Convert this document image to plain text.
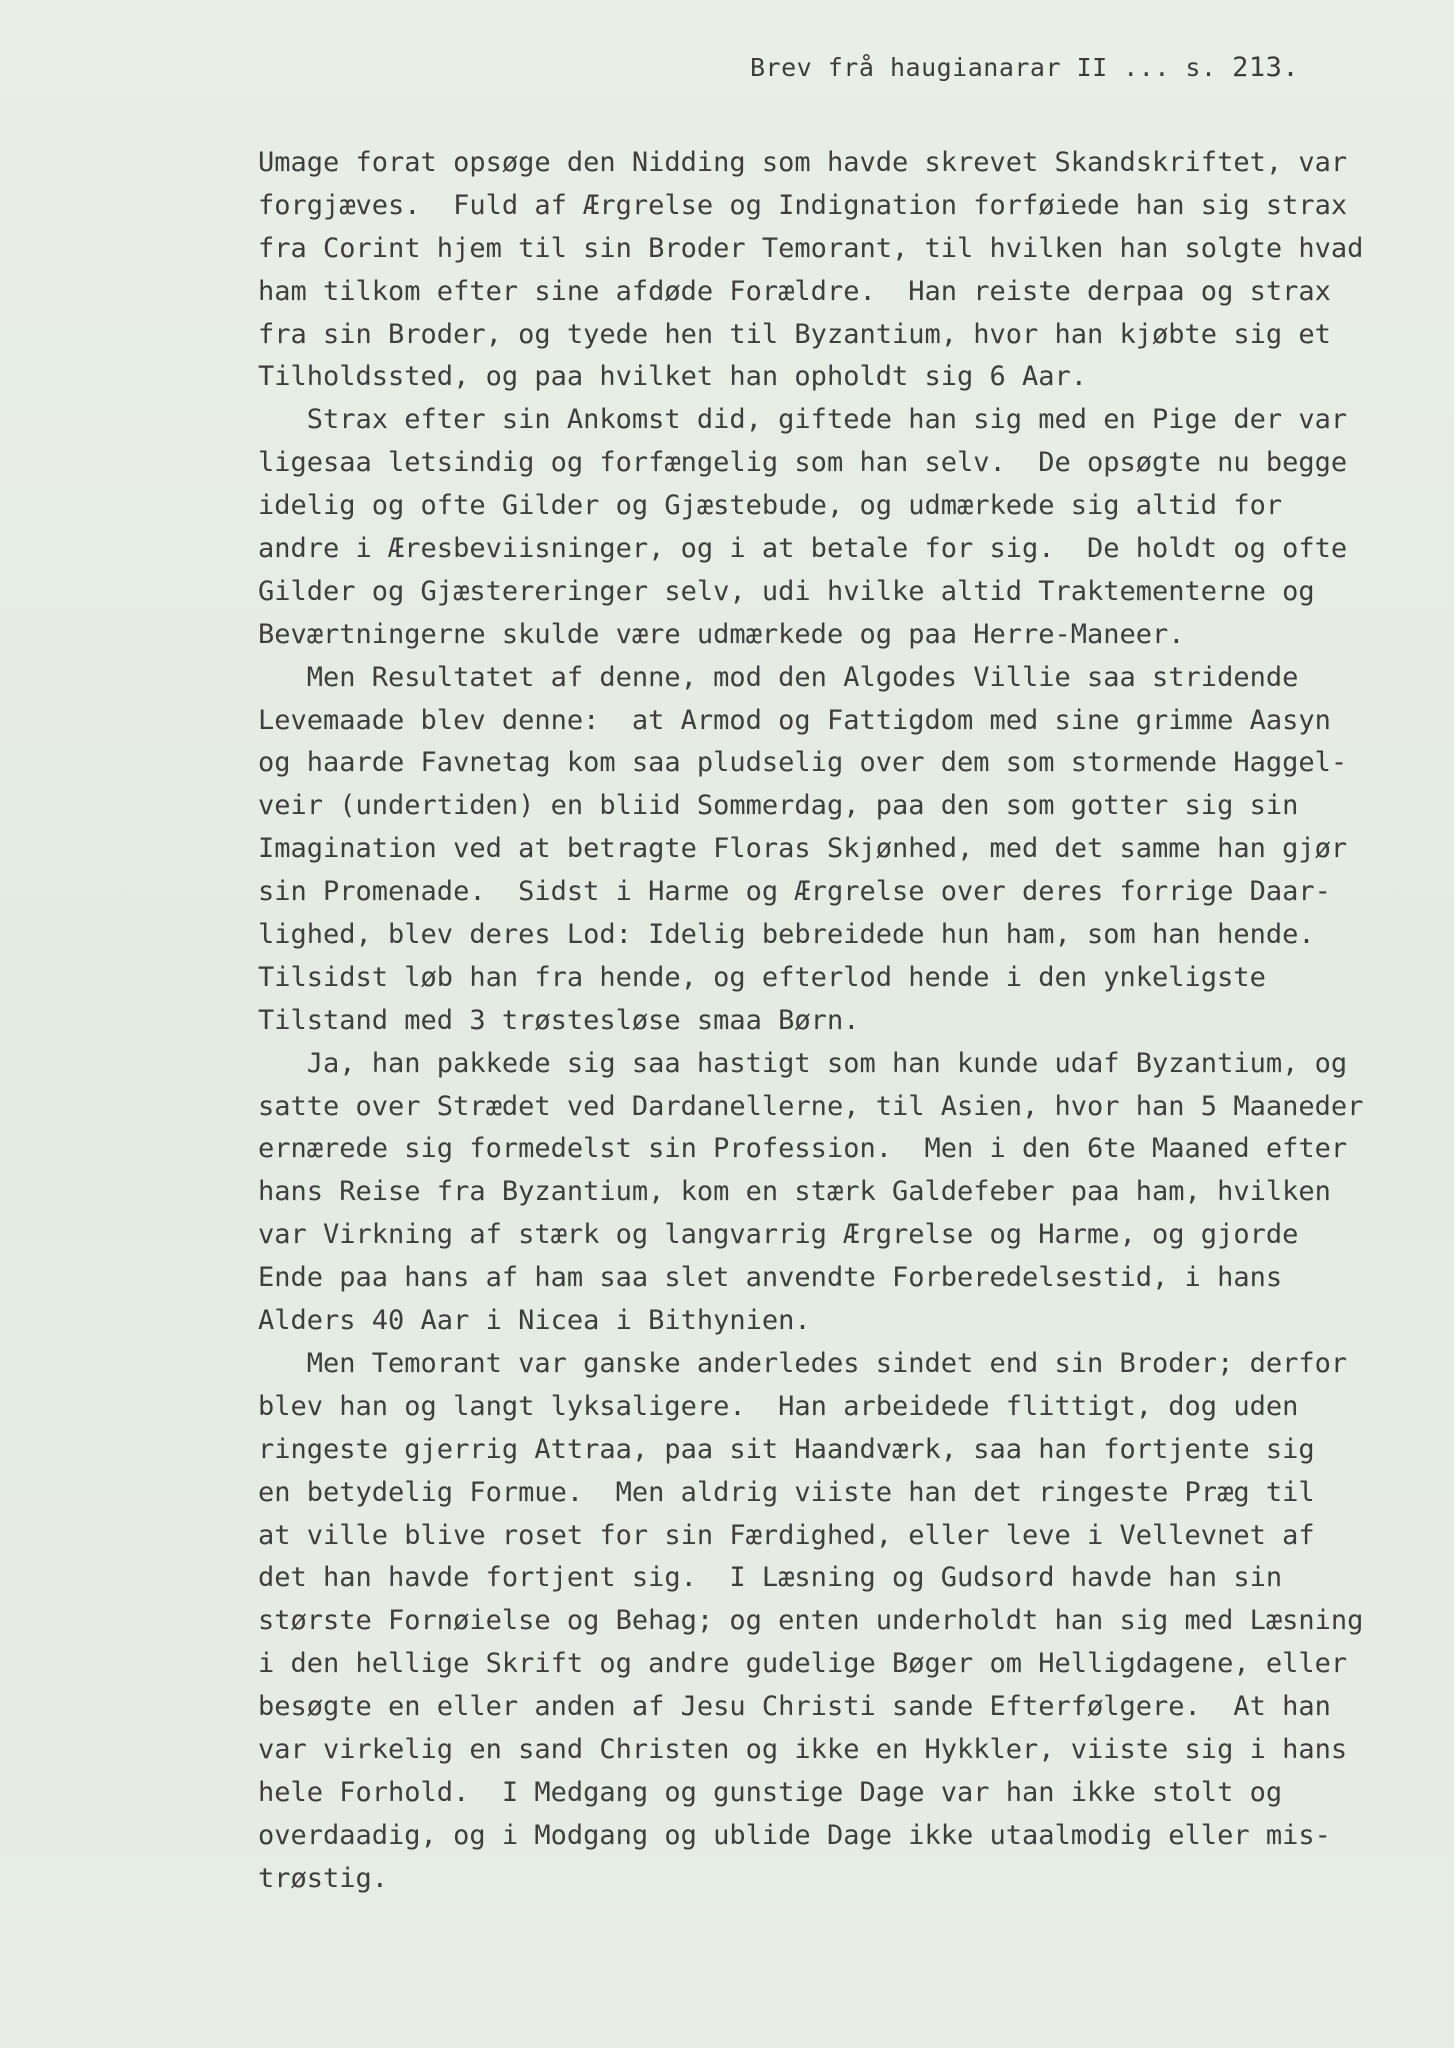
Brev frå haugianarar II ... s. 213.
Umage forat opsøge den Nidding som havde skrevet Skandskriftet, var
forgjæves.  Fuld af Ærgrelse og Indignation forføiede han sig strax
fra Corint hjem til sin Broder Temorant, til hvilken han solgte hvad
ham tilkom efter sine afdøde Forældre.  Han reiste derpaa og strax
fra sin Broder, og tyede hen til Byzantium, hvor han kjøbte sig et
Tilholdssted, og paa hvilket han opholdt sig 6 Aar.
Strax efter sin Ankomst did, giftede han sig med en Pige der var
ligesaa letsindig og forfængelig som han selv.  De opsøgte nu begge
idelig og ofte Gilder og Gjæstebude, og udmærkede sig altid for
andre i Æresbeviisninger, og i at betale for sig.  De holdt og ofte
Gilder og Gjæstereringer selv, udi hvilke altid Traktementerne og
Beværtningerne skulde være udmærkede og paa Herre-Maneer.
Men Resultatet af denne, mod den Algodes Villie saa stridende
Levemaade blev denne:  at Armod og Fattigdom med sine grimme Aasyn
og haarde Favnetag kom saa pludselig over dem som stormende Haggel-
veir (undertiden) en bliid Sommerdag, paa den som gotter sig sin
Imagination ved at betragte Floras Skjønhed, med det samme han gjør
sin Promenade.  Sidst i Harme og Ærgrelse over deres forrige Daar-
lighed, blev deres Lod: Idelig bebreidede hun ham, som han hende.
Tilsidst løb han fra hende, og efterlod hende i den ynkeligste
Tilstand med 3 trøstesløse smaa Børn.
Ja, han pakkede sig saa hastigt som han kunde udaf Byzantium, og
satte over Strædet ved Dardanellerne, til Asien, hvor han 5 Maaneder
ernærede sig formedelst sin Profession.  Men i den 6te Maaned efter
hans Reise fra Byzantium, kom en stærk Galdefeber paa ham, hvilken
var Virkning af stærk og langvarrig Ærgrelse og Harme, og gjorde
Ende paa hans af ham saa slet anvendte Forberedelsestid, i hans
Alders 40 Aar i Nicea i Bithynien.
Men Temorant var ganske anderledes sindet end sin Broder; derfor
blev han og langt lyksaligere.  Han arbeidede flittigt, dog uden
ringeste gjerrig Attraa, paa sit Haandværk, saa han fortjente sig
en betydelig Formue.  Men aldrig viiste han det ringeste Præg til
at ville blive roset for sin Færdighed, eller leve i Vellevnet af
det han havde fortjent sig.  I Læsning og Gudsord havde han sin
største Fornøielse og Behag; og enten underholdt han sig med Læsning
i den hellige Skrift og andre gudelige Bøger om Helligdagene, eller
besøgte en eller anden af Jesu Christi sande Efterfølgere.  At han
var virkelig en sand Christen og ikke en Hykkler, viiste sig i hans
hele Forhold.  I Medgang og gunstige Dage var han ikke stolt og
overdaadig, og i Modgang og ublide Dage ikke utaalmodig eller mis-
trøstig.
